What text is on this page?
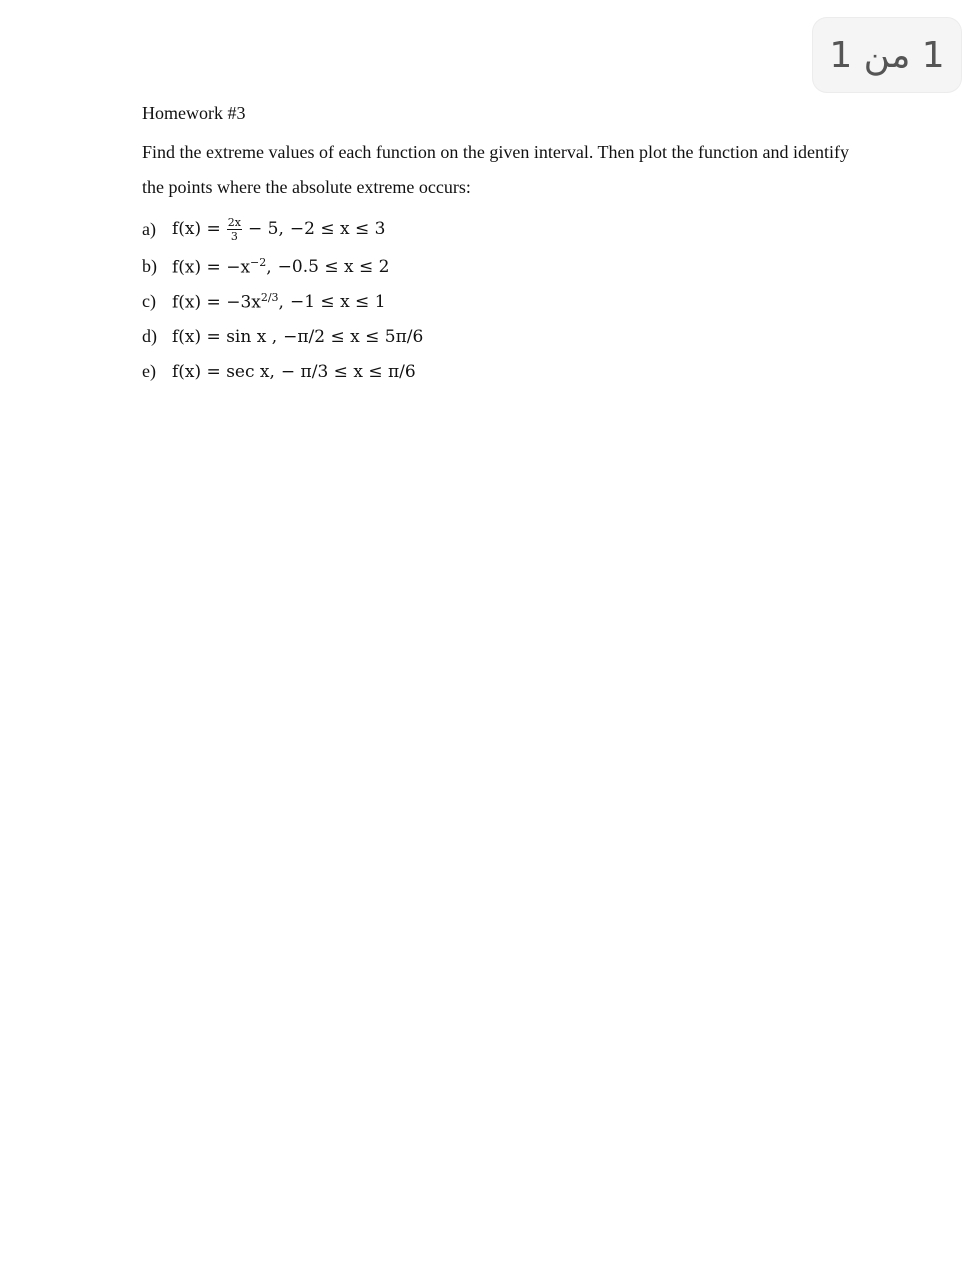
1 من 1
Homework #3
Find the extreme values of each function on the given interval. Then plot the function and identify the points where the absolute extreme occurs:
a) $f(x) = \frac{2x}{3} - 5$, −2 ≤ x ≤ 3
b) $f(x) = -x^{-2}$, −0.5 ≤ x ≤ 2
c) $f(x) = -3x^{2/3}$, −1 ≤ x ≤ 1
d) f(x) = sin x , −π/2 ≤ x ≤ 5π/6
e) f(x) = sec x, − π/3 ≤ x ≤ π/6
